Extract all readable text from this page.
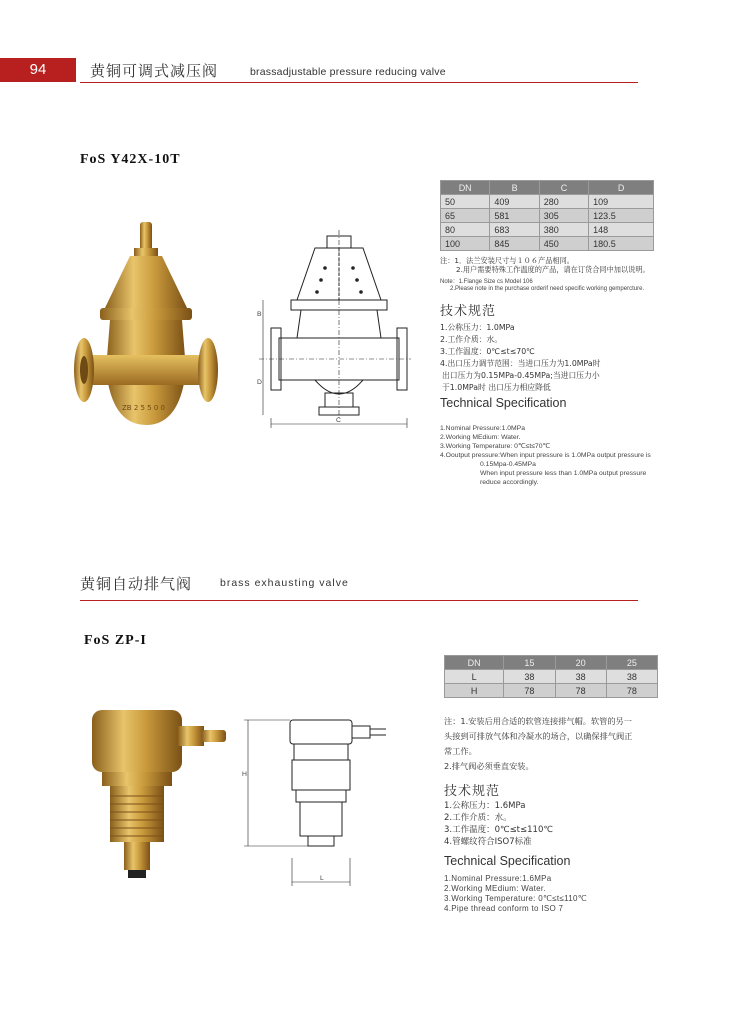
94	黄铜可调式减压阀	brassadjustable pressure reducing valve
FoS Y42X-10T
ZB 2 5 5 0 0
B
D
C
DN	B	C	D
50	409	280	109
65	581	305	123.5
80	683	380	148
100	845	450	180.5
注：1．法兰安装尺寸与１０６产品相同。
2.用户需要特殊工作温度的产品，请在订货合同中加以说明。
Note：1.Flange Size cs Model 106
2.Please note in the purchase orderif need specific working gempercture.
技术规范
1.公称压力：1.0MPa
2.工作介质：水。
3.工作温度：0℃≤t≤70℃
4.出口压力调节范围：当进口压力为1.0MPa时
出口压力为0.15MPa-0.45MPa;当进口压力小
于1.0MPa时 出口压力相应降低
Technical Specification
1.Nominal Pressure:1.0MPa
2.Working MEdium: Water.
3.Working Temperature: 0℃≤t≤70℃
4.Ooutput pressure:When input pressure is 1.0MPa output pressure is
0.15Mpa-0.45MPa
When input pressure less than 1.0MPa output pressure
reduce accordingly.
黄铜自动排气阀	brass exhausting valve
FoS ZP-I
H
L
DN	15	20	25
L	38	38	38
H	78	78	78
注：1.安装后用合适的软管连接排气帽。软管的另一
头接到可排放气体和冷凝水的场合，以确保排气阀正
常工作。
2.排气阀必须垂直安装。
技术规范
1.公称压力：1.6MPa
2.工作介质：水。
3.工作温度：0℃≤t≤110℃
4.管螺纹符合ISO7标准
Technical Specification
1.Nominal Pressure:1.6MPa
2.Working MEdium: Water.
3.Working Temperature: 0℃≤t≤110℃
4.Pipe thread conform to ISO 7
